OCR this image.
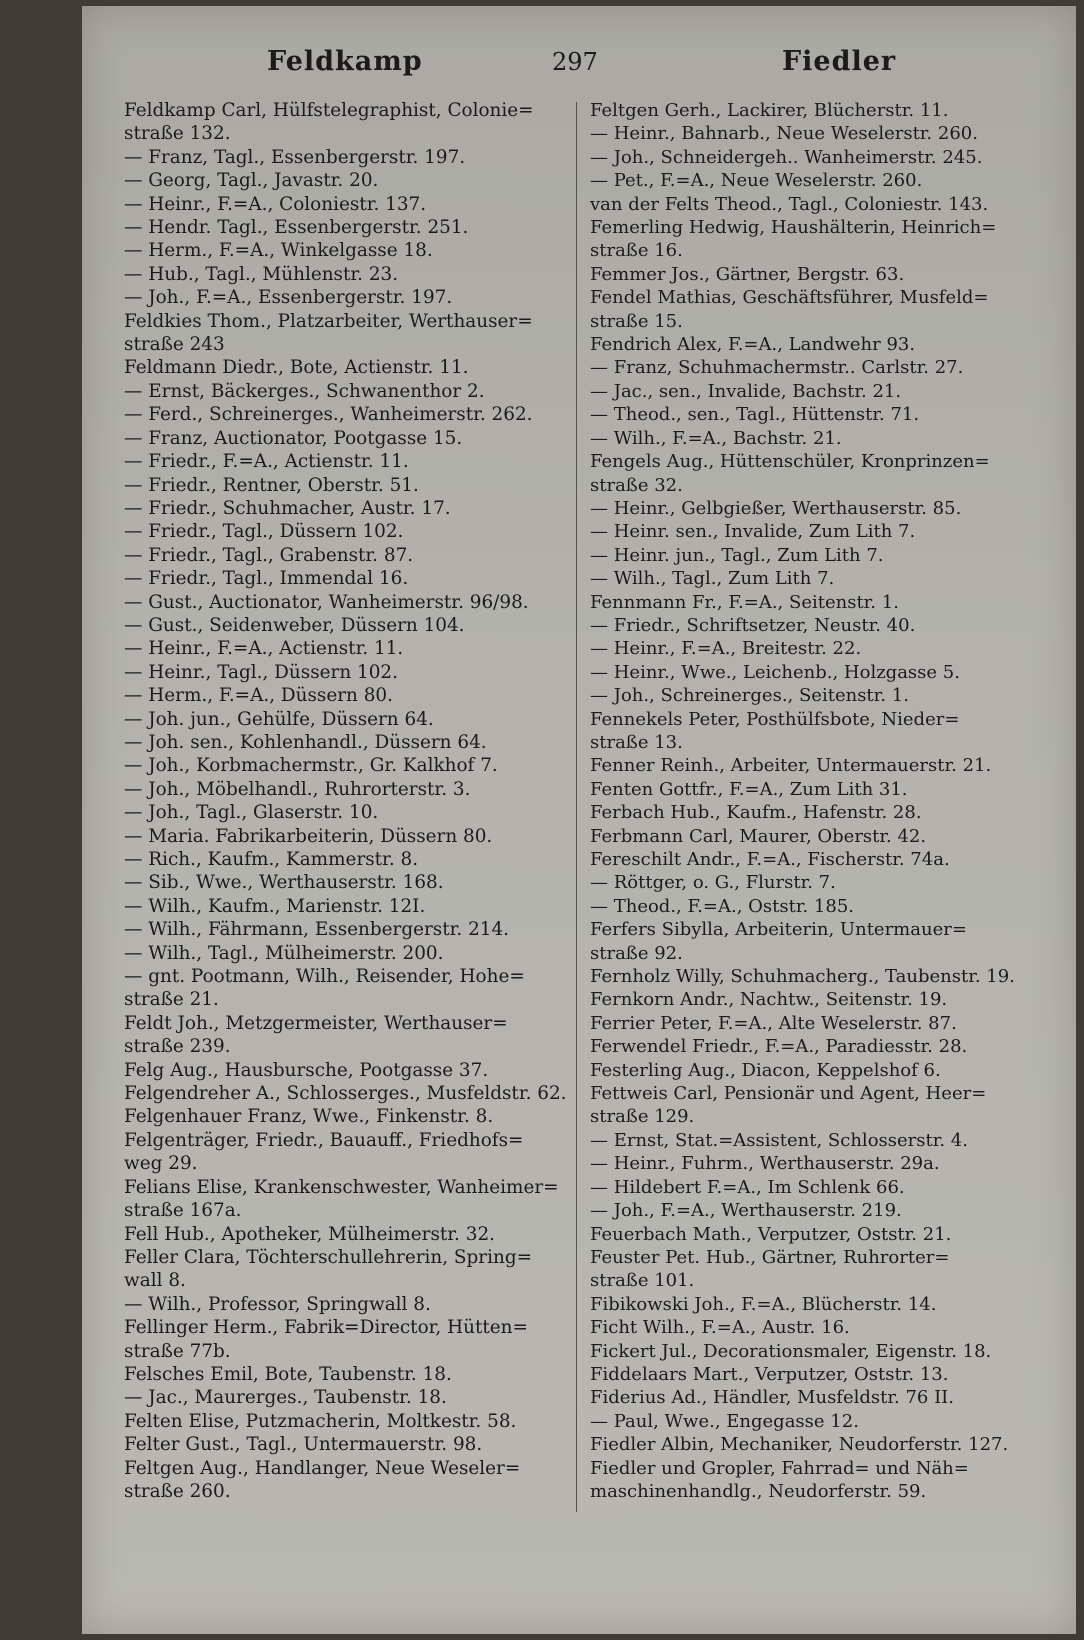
Feldkamp	297	Fiedler
Feldkamp Carl, Hülfstelegraphist, Colonie=
straße 132.
— Franz, Tagl., Essenbergerstr. 197.
— Georg, Tagl., Javastr. 20.
— Heinr., F.=A., Coloniestr. 137.
— Hendr. Tagl., Essenbergerstr. 251.
— Herm., F.=A., Winkelgasse 18.
— Hub., Tagl., Mühlenstr. 23.
— Joh., F.=A., Essenbergerstr. 197.
Feldkies Thom., Platzarbeiter, Werthauser=
straße 243
Feldmann Diedr., Bote, Actienstr. 11.
— Ernst, Bäckerges., Schwanenthor 2.
— Ferd., Schreinerges., Wanheimerstr. 262.
— Franz, Auctionator, Pootgasse 15.
— Friedr., F.=A., Actienstr. 11.
— Friedr., Rentner, Oberstr. 51.
— Friedr., Schuhmacher, Austr. 17.
— Friedr., Tagl., Düssern 102.
— Friedr., Tagl., Grabenstr. 87.
— Friedr., Tagl., Immendal 16.
— Gust., Auctionator, Wanheimerstr. 96/98.
— Gust., Seidenweber, Düssern 104.
— Heinr., F.=A., Actienstr. 11.
— Heinr., Tagl., Düssern 102.
— Herm., F.=A., Düssern 80.
— Joh. jun., Gehülfe, Düssern 64.
— Joh. sen., Kohlenhandl., Düssern 64.
— Joh., Korbmachermstr., Gr. Kalkhof 7.
— Joh., Möbelhandl., Ruhrorterstr. 3.
— Joh., Tagl., Glaserstr. 10.
— Maria. Fabrikarbeiterin, Düssern 80.
— Rich., Kaufm., Kammerstr. 8.
— Sib., Wwe., Werthauserstr. 168.
— Wilh., Kaufm., Marienstr. 12I.
— Wilh., Fährmann, Essenbergerstr. 214.
— Wilh., Tagl., Mülheimerstr. 200.
— gnt. Pootmann, Wilh., Reisender, Hohe=
straße 21.
Feldt Joh., Metzgermeister, Werthauser=
straße 239.
Felg Aug., Hausbursche, Pootgasse 37.
Felgendreher A., Schlosserges., Musfeldstr. 62.
Felgenhauer Franz, Wwe., Finkenstr. 8.
Felgenträger, Friedr., Bauauff., Friedhofs=
weg 29.
Felians Elise, Krankenschwester, Wanheimer=
straße 167a.
Fell Hub., Apotheker, Mülheimerstr. 32.
Feller Clara, Töchterschullehrerin, Spring=
wall 8.
— Wilh., Professor, Springwall 8.
Fellinger Herm., Fabrik=Director, Hütten=
straße 77b.
Felsches Emil, Bote, Taubenstr. 18.
— Jac., Maurerges., Taubenstr. 18.
Felten Elise, Putzmacherin, Moltkestr. 58.
Felter Gust., Tagl., Untermauerstr. 98.
Feltgen Aug., Handlanger, Neue Weseler=
straße 260.
Feltgen Gerh., Lackirer, Blücherstr. 11.
— Heinr., Bahnarb., Neue Weselerstr. 260.
— Joh., Schneidergeh.. Wanheimerstr. 245.
— Pet., F.=A., Neue Weselerstr. 260.
van der Felts Theod., Tagl., Coloniestr. 143.
Femerling Hedwig, Haushälterin, Heinrich=
straße 16.
Femmer Jos., Gärtner, Bergstr. 63.
Fendel Mathias, Geschäftsführer, Musfeld=
straße 15.
Fendrich Alex, F.=A., Landwehr 93.
— Franz, Schuhmachermstr.. Carlstr. 27.
— Jac., sen., Invalide, Bachstr. 21.
— Theod., sen., Tagl., Hüttenstr. 71.
— Wilh., F.=A., Bachstr. 21.
Fengels Aug., Hüttenschüler, Kronprinzen=
straße 32.
— Heinr., Gelbgießer, Werthauserstr. 85.
— Heinr. sen., Invalide, Zum Lith 7.
— Heinr. jun., Tagl., Zum Lith 7.
— Wilh., Tagl., Zum Lith 7.
Fennmann Fr., F.=A., Seitenstr. 1.
— Friedr., Schriftsetzer, Neustr. 40.
— Heinr., F.=A., Breitestr. 22.
— Heinr., Wwe., Leichenb., Holzgasse 5.
— Joh., Schreinerges., Seitenstr. 1.
Fennekels Peter, Posthülfsbote, Nieder=
straße 13.
Fenner Reinh., Arbeiter, Untermauerstr. 21.
Fenten Gottfr., F.=A., Zum Lith 31.
Ferbach Hub., Kaufm., Hafenstr. 28.
Ferbmann Carl, Maurer, Oberstr. 42.
Fereschilt Andr., F.=A., Fischerstr. 74a.
— Röttger, o. G., Flurstr. 7.
— Theod., F.=A., Oststr. 185.
Ferfers Sibylla, Arbeiterin, Untermauer=
straße 92.
Fernholz Willy, Schuhmacherg., Taubenstr. 19.
Fernkorn Andr., Nachtw., Seitenstr. 19.
Ferrier Peter, F.=A., Alte Weselerstr. 87.
Ferwendel Friedr., F.=A., Paradiesstr. 28.
Festerling Aug., Diacon, Keppelshof 6.
Fettweis Carl, Pensionär und Agent, Heer=
straße 129.
— Ernst, Stat.=Assistent, Schlosserstr. 4.
— Heinr., Fuhrm., Werthauserstr. 29a.
— Hildebert F.=A., Im Schlenk 66.
— Joh., F.=A., Werthauserstr. 219.
Feuerbach Math., Verputzer, Oststr. 21.
Feuster Pet. Hub., Gärtner, Ruhrorter=
straße 101.
Fibikowski Joh., F.=A., Blücherstr. 14.
Ficht Wilh., F.=A., Austr. 16.
Fickert Jul., Decorationsmaler, Eigenstr. 18.
Fiddelaars Mart., Verputzer, Oststr. 13.
Fiderius Ad., Händler, Musfeldstr. 76 II.
— Paul, Wwe., Engegasse 12.
Fiedler Albin, Mechaniker, Neudorferstr. 127.
Fiedler und Gropler, Fahrrad= und Näh=
maschinenhandlg., Neudorferstr. 59.
